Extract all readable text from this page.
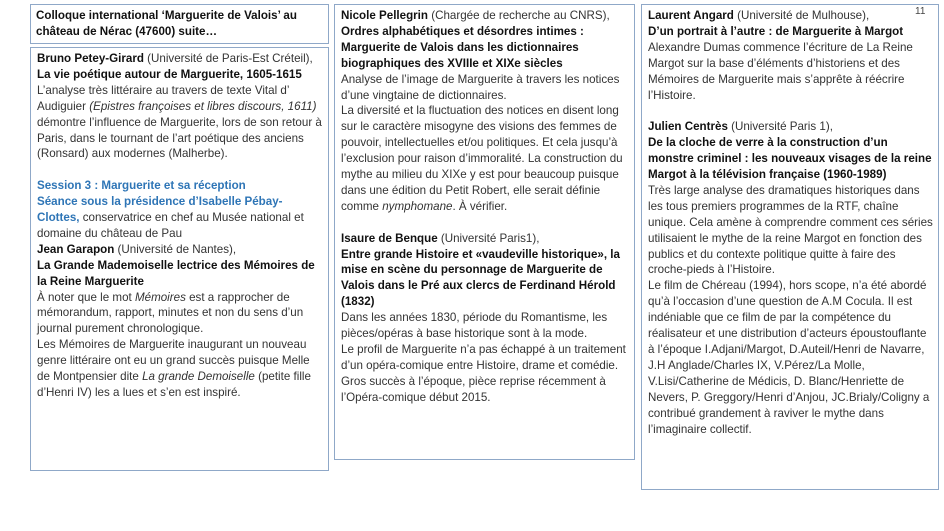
Colloque international ‘Marguerite de Valois’ au
château de Nérac (47600) suite…

Bruno Petey-Girard (Université de Paris-Est Créteil),

La vie poétique autour de Marguerite, 1605-1615

L’analyse très littéraire au travers de texte Vital d’ Audiguier (Epistres françoises et libres discours, 1611) démontre l’influence de Marguerite, lors de son retour à Paris, dans le tournant de l’art poétique des anciens (Ronsard) aux modernes (Malherbe).

Session 3 : Marguerite et sa réception

Séance sous la présidence d’Isabelle Pébay-Clottes, conservatrice en chef au Musée national et domaine du château de Pau

Jean Garapon (Université de Nantes),

La Grande Mademoiselle lectrice des Mémoires de la Reine Marguerite

À noter que le mot Mémoires est a rapprocher de mémorandum, rapport, minutes et non du sens d’un journal purement chronologique.

Les Mémoires de Marguerite inaugurant un nouveau genre littéraire ont eu un grand succès puisque Melle de Montpensier dite La grande Demoiselle (petite fille d’Henri IV) les a lues et s’en est inspiré.

Nicole Pellegrin (Chargée de recherche au CNRS),

Ordres alphabétiques et désordres intimes : Marguerite de Valois dans les dictionnaires biographiques des XVIIIe et XIXe siècles

Analyse de l’image de Marguerite à travers les notices d’une vingtaine de dictionnaires.

La diversité et la fluctuation des notices en disent long sur le caractère misogyne des visions des femmes de pouvoir, intellectuelles et/ou politiques. Et cela jusqu’à l’exclusion pour raison d’immoralité. La construction du mythe au milieu du XIXe y est pour beaucoup puisque dans une édition du Petit Robert, elle serait définie comme nymphomane. À vérifier.

Isaure de Benque (Université Paris1),

Entre grande Histoire et «vaudeville historique», la mise en scène du personnage de Marguerite de Valois dans le Pré aux clercs de Ferdinand Hérold (1832)

Dans les années 1830, période du Romantisme, les pièces/opéras à base historique sont à la mode.

Le profil de Marguerite n’a pas échappé à un traitement d’un opéra-comique entre Histoire, drame et comédie. Gros succès à l’époque, pièce reprise récemment à l’Opéra-comique début 2015.

Laurent Angard (Université de Mulhouse),

D’un portrait à l’autre : de Marguerite à Margot

Alexandre Dumas commence l’écriture de La Reine Margot sur la base d’éléments d’historiens et des Mémoires de Marguerite mais s’apprête à réécrire l’Histoire.

Julien Centrès (Université Paris 1),

De la cloche de verre à la construction d’un monstre criminel : les nouveaux visages de la reine Margot à la télévision française (1960-1989)

Très large analyse des dramatiques historiques dans les tous premiers programmes de la RTF, chaîne unique. Cela amène à comprendre comment ces séries utilisaient le mythe de la reine Margot en fonction des publics et du contexte politique quitte à faire des croche-pieds à l’Histoire.

Le film de Chéreau (1994), hors scope, n’a été abordé qu’à l’occasion d’une question de A.M Cocula. Il est indéniable que ce film de par la compétence du réalisateur et une distribution d’acteurs époustouflante à l’époque I.Adjani/Margot, D.Auteil/Henri de Navarre, J.H Anglade/Charles IX, V.Pérez/La Molle, V.Lisi/Catherine de Médicis, D. Blanc/Henriette de Nevers, P. Greggory/Henri d’Anjou, JC.Brialy/Coligny a contribué grandement à raviver le mythe dans l’imaginaire collectif.

11
